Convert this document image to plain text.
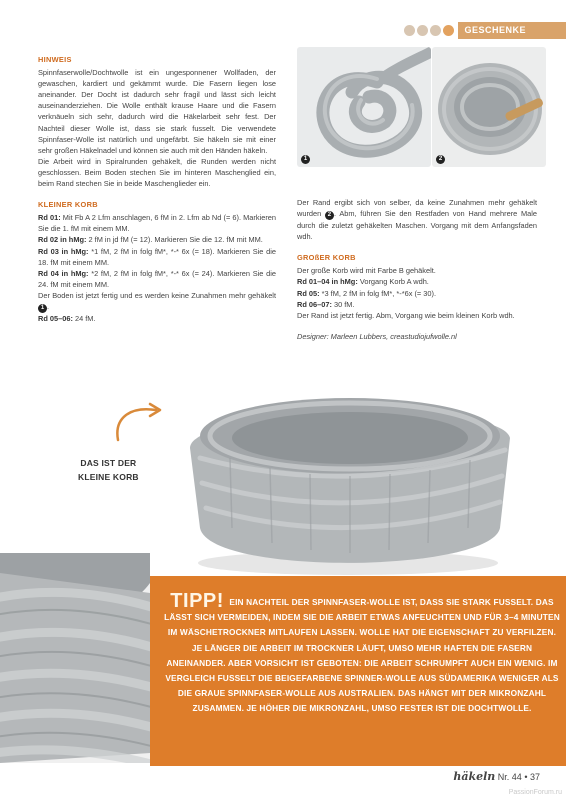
GESCHENKE

HINWEIS

Spinnfaserwolle/Dochtwolle ist ein ungesponnener Wollfaden, der gewaschen, kardiert und gekämmt wurde. Die Fasern liegen lose aneinander. Der Docht ist dadurch sehr fragil und lässt sich leicht auseinanderziehen. Die Wolle enthält krause Haare und die Fasern verknäueln sich sehr, dadurch wird die Häkelarbeit sehr fest. Der Nachteil dieser Wolle ist, dass sie stark fusselt. Die verwendete Spinnfaser-Wolle ist natürlich und ungefärbt. Sie häkeln sie mit einer sehr großen Häkelnadel und können sie auch mit den Händen häkeln.

Die Arbeit wird in Spiralrunden gehäkelt, die Runden werden nicht geschlossen. Beim Boden stechen Sie im hinteren Maschenglied ein, beim Rand stechen Sie in beide Maschenglieder ein.

KLEINER KORB

Rd 01: Mit Fb A 2 Lfm anschlagen, 6 fM in 2. Lfm ab Nd (= 6). Markieren Sie die 1. fM mit einem MM.

Rd 02 in hMg: 2 fM in jd fM (= 12). Markieren Sie die 12. fM mit MM.

Rd 03 in hMg: *1 fM, 2 fM in folg fM*, *-* 6x (= 18). Markieren Sie die 18. fM mit einem MM.

Rd 04 in hMg: *2 fM, 2 fM in folg fM*, *-* 6x (= 24). Markieren Sie die 24. fM mit einem MM.

Der Boden ist jetzt fertig und es werden keine Zunahmen mehr gehäkelt 1 .

Rd 05–06: 24 fM.

1	2

Der Rand ergibt sich von selber, da keine Zunahmen mehr gehäkelt wurden 2 . Abm, führen Sie den Restfaden von Hand mehrere Male durch die zuletzt gehäkelten Maschen. Vorgang mit dem Anfangsfaden wdh.

GROßER KORB

Der große Korb wird mit Farbe B gehäkelt.

Rd 01–04 in hMg: Vorgang Korb A wdh.

Rd 05: *3 fM, 2 fM in folg fM*, *-*6x (= 30).

Rd 06–07: 30 fM.

Der Rand ist jetzt fertig. Abm, Vorgang wie beim kleinen Korb wdh.

Designer: Marleen Lubbers, creastudiojufwolle.nl

DAS IST DER
KLEINE KORB
TIPP! EIN NACHTEIL DER SPINNFASER-WOLLE IST, DASS SIE STARK FUSSELT. DAS LÄSST SICH VERMEIDEN, INDEM SIE DIE ARBEIT ETWAS ANFEUCHTEN UND FÜR 3–4 MINUTEN IM WÄSCHETROCKNER MITLAUFEN LASSEN. WOLLE HAT DIE EIGENSCHAFT ZU VERFILZEN. JE LÄNGER DIE ARBEIT IM TROCKNER LÄUFT, UMSO MEHR HAFTEN DIE FASERN ANEINANDER. ABER VORSICHT IST GEBOTEN: DIE ARBEIT SCHRUMPFT AUCH EIN WENIG. IM VERGLEICH FUSSELT DIE BEIGEFARBENE SPINNER-WOLLE AUS SÜDAMERIKA WENIGER ALS DIE GRAUE SPINNFASER-WOLLE AUS AUSTRALIEN. DAS HÄNGT MIT DER MIKRONZAHL ZUSAMMEN. JE HÖHER DIE MIKRONZAHL, UMSO FESTER IST DIE DOCHTWOLLE.
häkeln Nr. 44 • 37
PassionForum.ru
